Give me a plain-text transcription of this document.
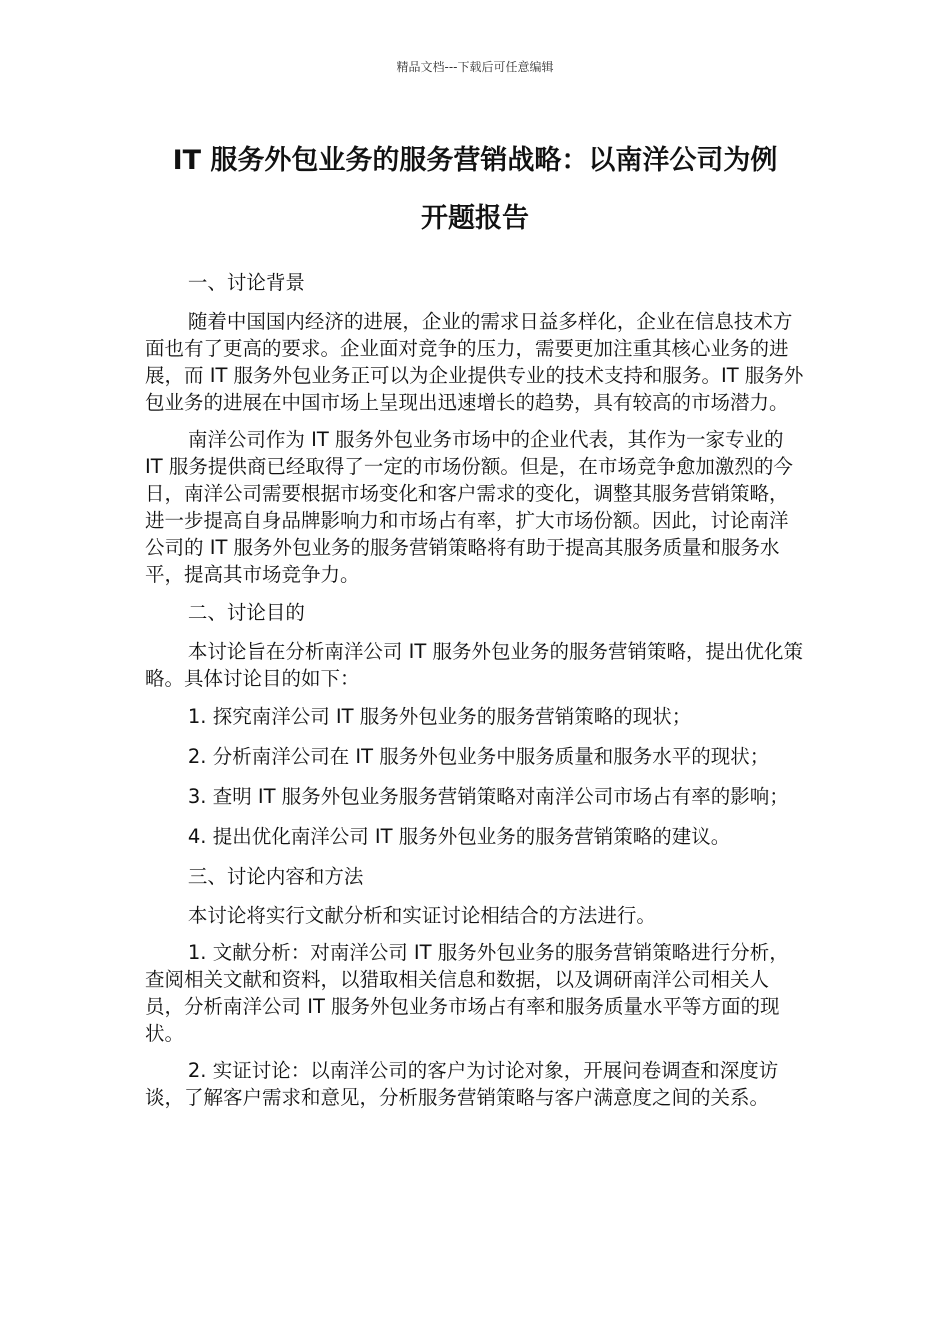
精品文档---下载后可任意编辑
IT 服务外包业务的服务营销战略：以南洋公司为例
开题报告
一、讨论背景

随着中国国内经济的进展，企业的需求日益多样化，企业在信息技术方面也有了更高的要求。企业面对竞争的压力，需要更加注重其核心业务的进展，而 IT 服务外包业务正可以为企业提供专业的技术支持和服务。IT 服务外包业务的进展在中国市场上呈现出迅速增长的趋势，具有较高的市场潜力。

南洋公司作为 IT 服务外包业务市场中的企业代表，其作为一家专业的 IT 服务提供商已经取得了一定的市场份额。但是，在市场竞争愈加激烈的今日，南洋公司需要根据市场变化和客户需求的变化，调整其服务营销策略，进一步提高自身品牌影响力和市场占有率，扩大市场份额。因此，讨论南洋公司的 IT 服务外包业务的服务营销策略将有助于提高其服务质量和服务水平，提高其市场竞争力。

二、讨论目的

本讨论旨在分析南洋公司 IT 服务外包业务的服务营销策略，提出优化策略。具体讨论目的如下：

1. 探究南洋公司 IT 服务外包业务的服务营销策略的现状；
2. 分析南洋公司在 IT 服务外包业务中服务质量和服务水平的现状；
3. 查明 IT 服务外包业务服务营销策略对南洋公司市场占有率的影响；
4. 提出优化南洋公司 IT 服务外包业务的服务营销策略的建议。
三、讨论内容和方法

本讨论将实行文献分析和实证讨论相结合的方法进行。

1. 文献分析：对南洋公司 IT 服务外包业务的服务营销策略进行分析，查阅相关文献和资料，以猎取相关信息和数据，以及调研南洋公司相关人员，分析南洋公司 IT 服务外包业务市场占有率和服务质量水平等方面的现状。

2. 实证讨论：以南洋公司的客户为讨论对象，开展问卷调查和深度访谈，了解客户需求和意见，分析服务营销策略与客户满意度之间的关系。
